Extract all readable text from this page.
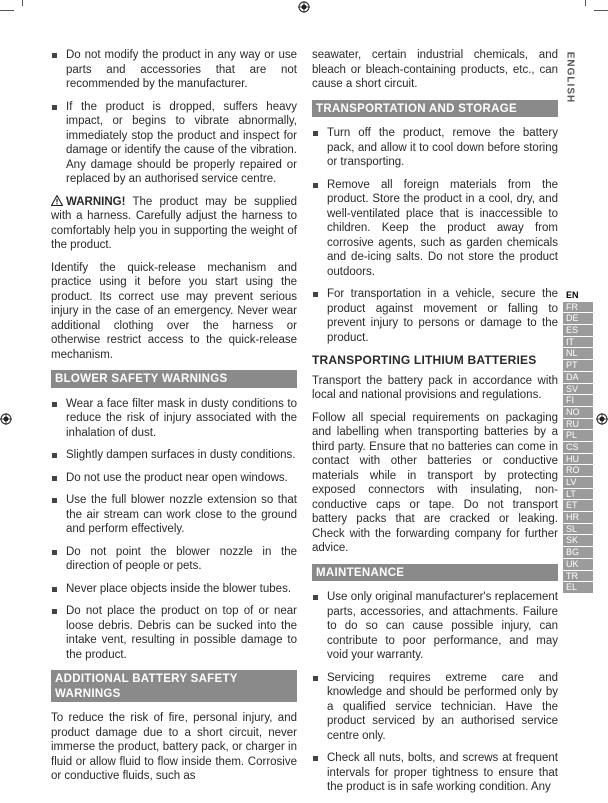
ENGLISH
EN
FR
DE
ES
IT
NL
PT
DA
SV
FI
NO
RU
PL
CS
HU
RO
LV
LT
ET
HR
SL
SK
BG
UK
TR
EL
Do not modify the product in any way or use parts and accessories that are not recommended by the manufacturer.
If the product is dropped, suffers heavy impact, or begins to vibrate abnormally, immediately stop the product and inspect for damage or identify the cause of the vibration. Any damage should be properly repaired or replaced by an authorised service centre.
WARNING! The product may be supplied with a harness. Carefully adjust the harness to comfortably help you in supporting the weight of the product.
Identify the quick-release mechanism and practice using it before you start using the product. Its correct use may prevent serious injury in the case of an emergency. Never wear additional clothing over the harness or otherwise restrict access to the quick-release mechanism.
BLOWER SAFETY WARNINGS
Wear a face filter mask in dusty conditions to reduce the risk of injury associated with the inhalation of dust.
Slightly dampen surfaces in dusty conditions.
Do not use the product near open windows.
Use the full blower nozzle extension so that the air stream can work close to the ground and perform effectively.
Do not point the blower nozzle in the direction of people or pets.
Never place objects inside the blower tubes.
Do not place the product on top of or near loose debris. Debris can be sucked into the intake vent, resulting in possible damage to the product.
ADDITIONAL BATTERY SAFETY WARNINGS
To reduce the risk of fire, personal injury, and product damage due to a short circuit, never immerse the product, battery pack, or charger in fluid or allow fluid to flow inside them. Corrosive or conductive fluids, such as
seawater, certain industrial chemicals, and bleach or bleach-containing products, etc., can cause a short circuit.
TRANSPORTATION AND STORAGE
Turn off the product, remove the battery pack, and allow it to cool down before storing or transporting.
Remove all foreign materials from the product. Store the product in a cool, dry, and well-ventilated place that is inaccessible to children. Keep the product away from corrosive agents, such as garden chemicals and de-icing salts. Do not store the product outdoors.
For transportation in a vehicle, secure the product against movement or falling to prevent injury to persons or damage to the product.
TRANSPORTING LITHIUM BATTERIES
Transport the battery pack in accordance with local and national provisions and regulations.
Follow all special requirements on packaging and labelling when transporting batteries by a third party. Ensure that no batteries can come in contact with other batteries or conductive materials while in transport by protecting exposed connectors with insulating, non-conductive caps or tape. Do not transport battery packs that are cracked or leaking. Check with the forwarding company for further advice.
MAINTENANCE
Use only original manufacturer's replacement parts, accessories, and attachments. Failure to do so can cause possible injury, can contribute to poor performance, and may void your warranty.
Servicing requires extreme care and knowledge and should be performed only by a qualified service technician. Have the product serviced by an authorised service centre only.
Check all nuts, bolts, and screws at frequent intervals for proper tightness to ensure that the product is in safe working condition. Any
